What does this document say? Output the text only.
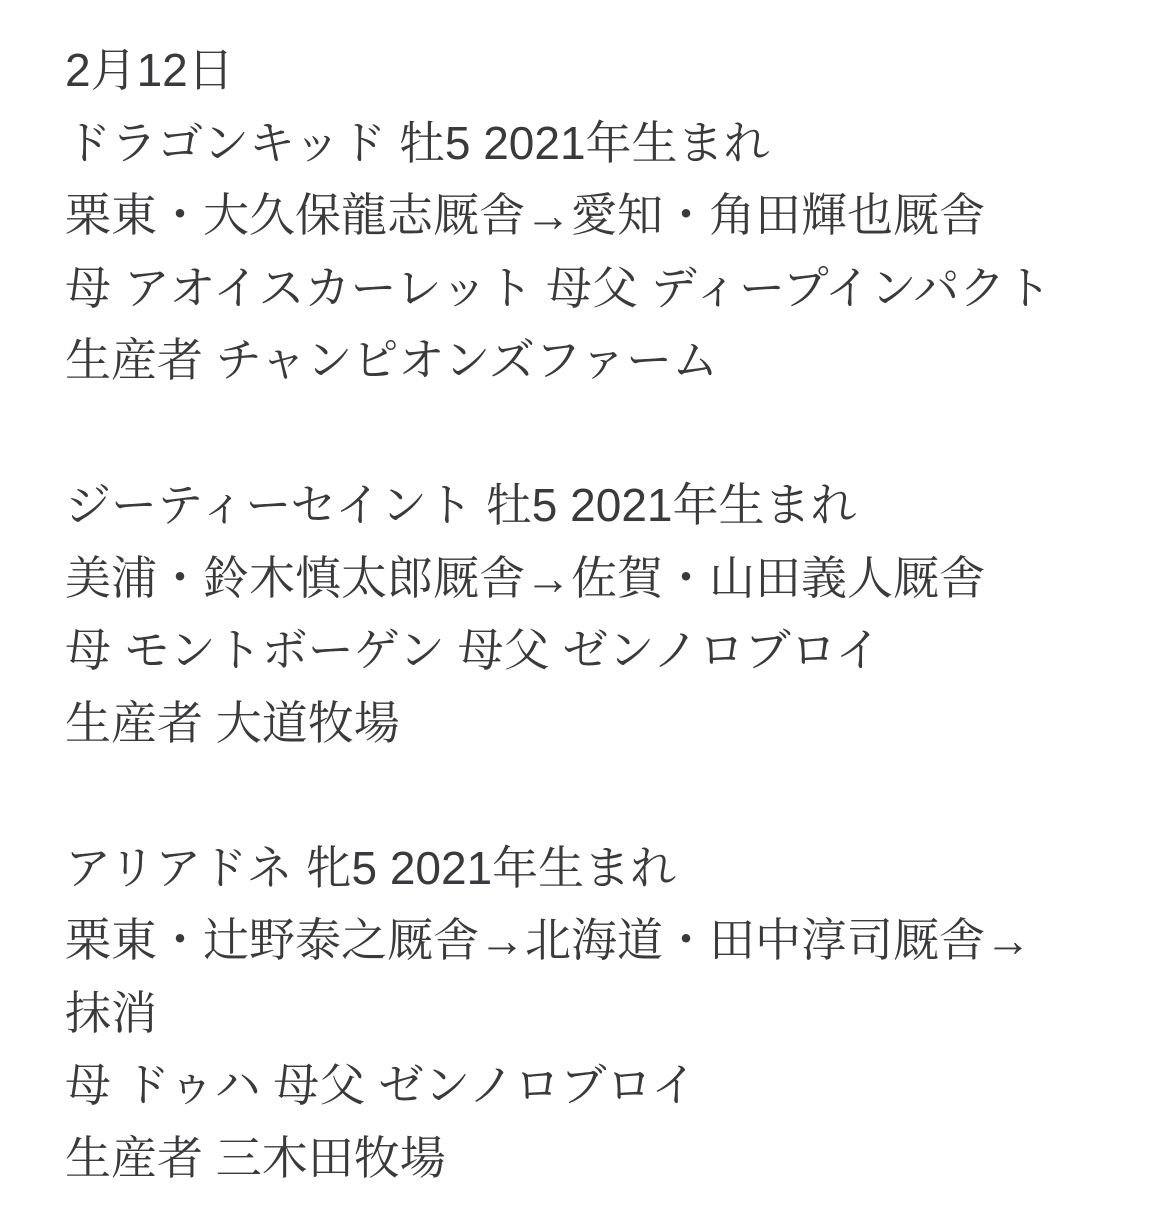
2月12日
ドラゴンキッド 牡5 2021年生まれ
栗東・大久保龍志厩舎→愛知・角田輝也厩舎
母 アオイスカーレット 母父 ディープインパクト
生産者 チャンピオンズファーム
ジーティーセイント 牡5 2021年生まれ
美浦・鈴木慎太郎厩舎→佐賀・山田義人厩舎
母 モントボーゲン 母父 ゼンノロブロイ
生産者 大道牧場
アリアドネ 牝5 2021年生まれ
栗東・辻野泰之厩舎→北海道・田中淳司厩舎→
抹消
母 ドゥハ 母父 ゼンノロブロイ
生産者 三木田牧場
